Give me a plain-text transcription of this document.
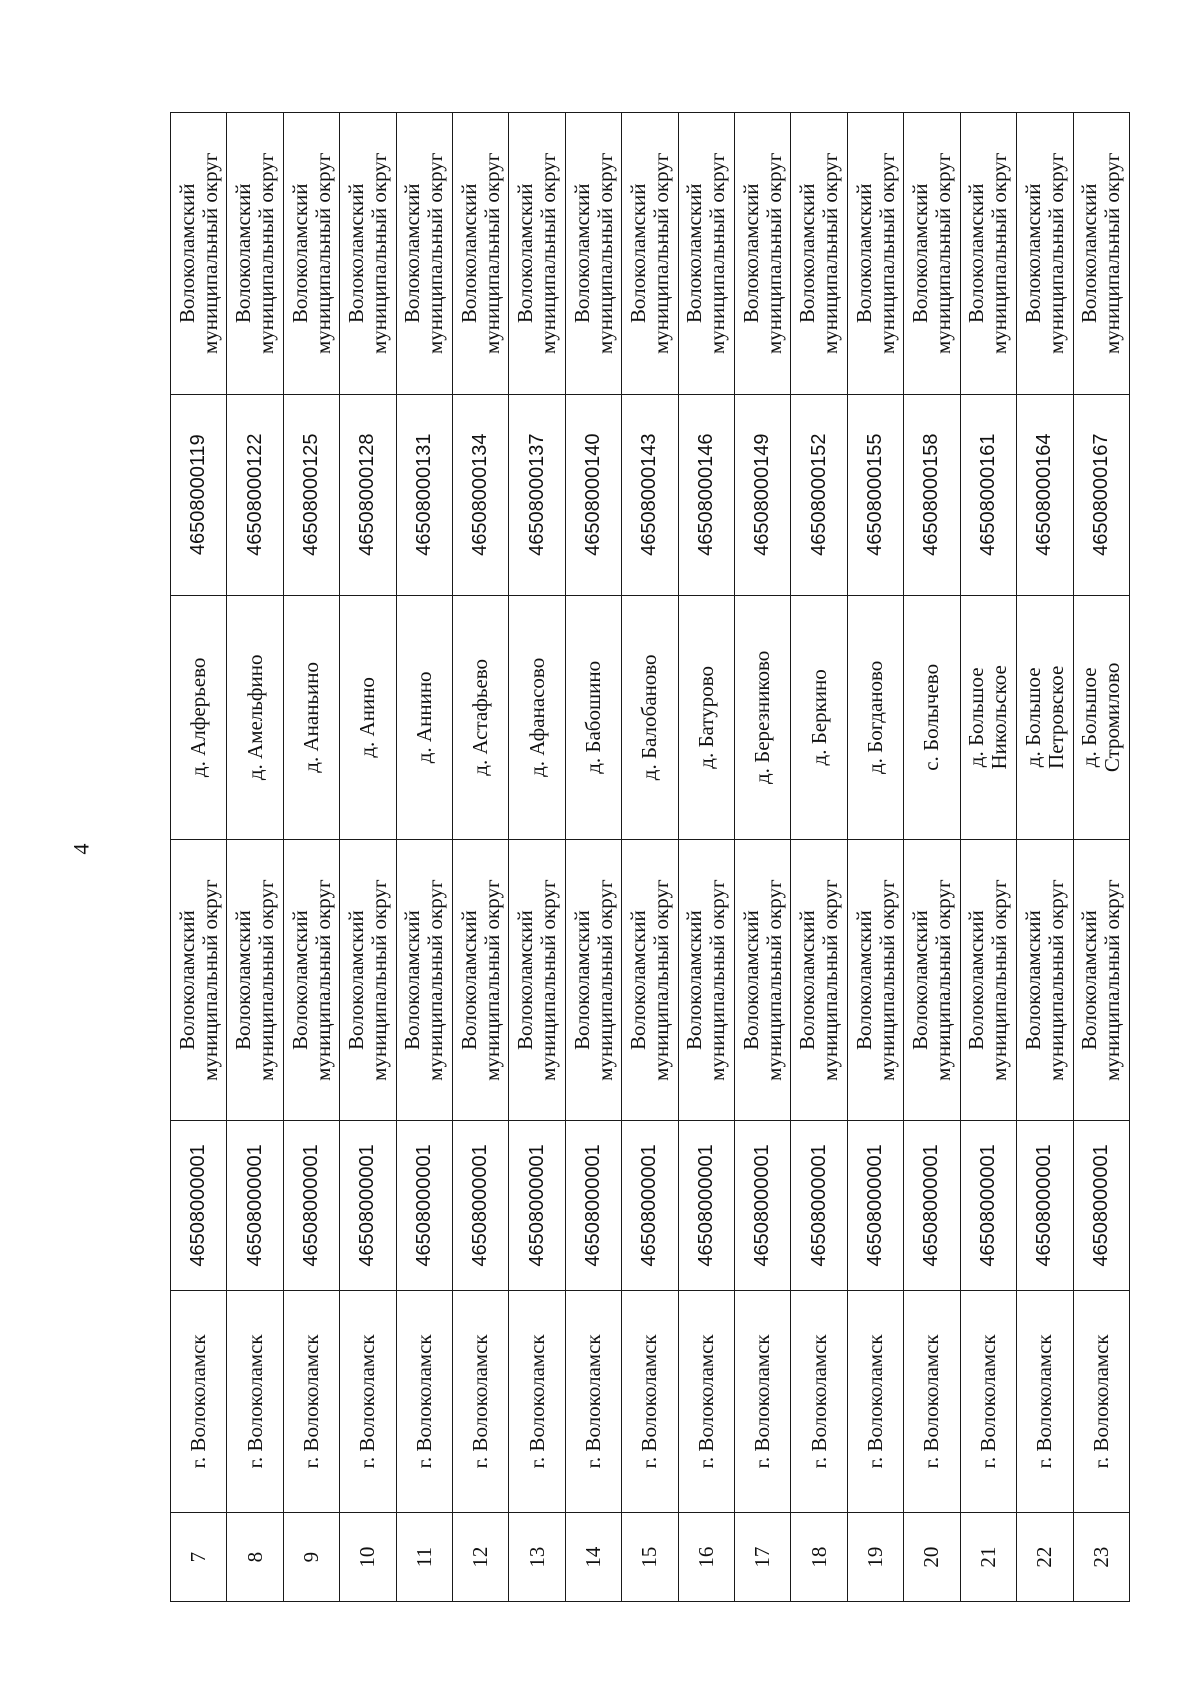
4
7	г. Волоколамск	46508000001	Волоколамский муниципальный округ	д. Алферьево	46508000119	Волоколамский муниципальный округ

8	г. Волоколамск	46508000001	Волоколамский муниципальный округ	д. Амельфино	46508000122	Волоколамский муниципальный округ

9	г. Волоколамск	46508000001	Волоколамский муниципальный округ	д. Ананьино	46508000125	Волоколамский муниципальный округ

10	г. Волоколамск	46508000001	Волоколамский муниципальный округ	д. Анино	46508000128	Волоколамский муниципальный округ

11	г. Волоколамск	46508000001	Волоколамский муниципальный округ	д. Аннино	46508000131	Волоколамский муниципальный округ

12	г. Волоколамск	46508000001	Волоколамский муниципальный округ	д. Астафьево	46508000134	Волоколамский муниципальный округ

13	г. Волоколамск	46508000001	Волоколамский муниципальный округ	д. Афанасово	46508000137	Волоколамский муниципальный округ

14	г. Волоколамск	46508000001	Волоколамский муниципальный округ	д. Бабошино	46508000140	Волоколамский муниципальный округ

15	г. Волоколамск	46508000001	Волоколамский муниципальный округ	д. Балобаново	46508000143	Волоколамский муниципальный округ

16	г. Волоколамск	46508000001	Волоколамский муниципальный округ	д. Батурово	46508000146	Волоколамский муниципальный округ

17	г. Волоколамск	46508000001	Волоколамский муниципальный округ	д. Березниково	46508000149	Волоколамский муниципальный округ

18	г. Волоколамск	46508000001	Волоколамский муниципальный округ	д. Беркино	46508000152	Волоколамский муниципальный округ

19	г. Волоколамск	46508000001	Волоколамский муниципальный округ	д. Богданово	46508000155	Волоколамский муниципальный округ

20	г. Волоколамск	46508000001	Волоколамский муниципальный округ	с. Болычево	46508000158	Волоколамский муниципальный округ

21	г. Волоколамск	46508000001	Волоколамский муниципальный округ	д. Большое Никольское	46508000161	Волоколамский муниципальный округ

22	г. Волоколамск	46508000001	Волоколамский муниципальный округ	д. Большое Петровское	46508000164	Волоколамский муниципальный округ

23	г. Волоколамск	46508000001	Волоколамский муниципальный округ	д. Большое Стромилово	46508000167	Волоколамский муниципальный округ
